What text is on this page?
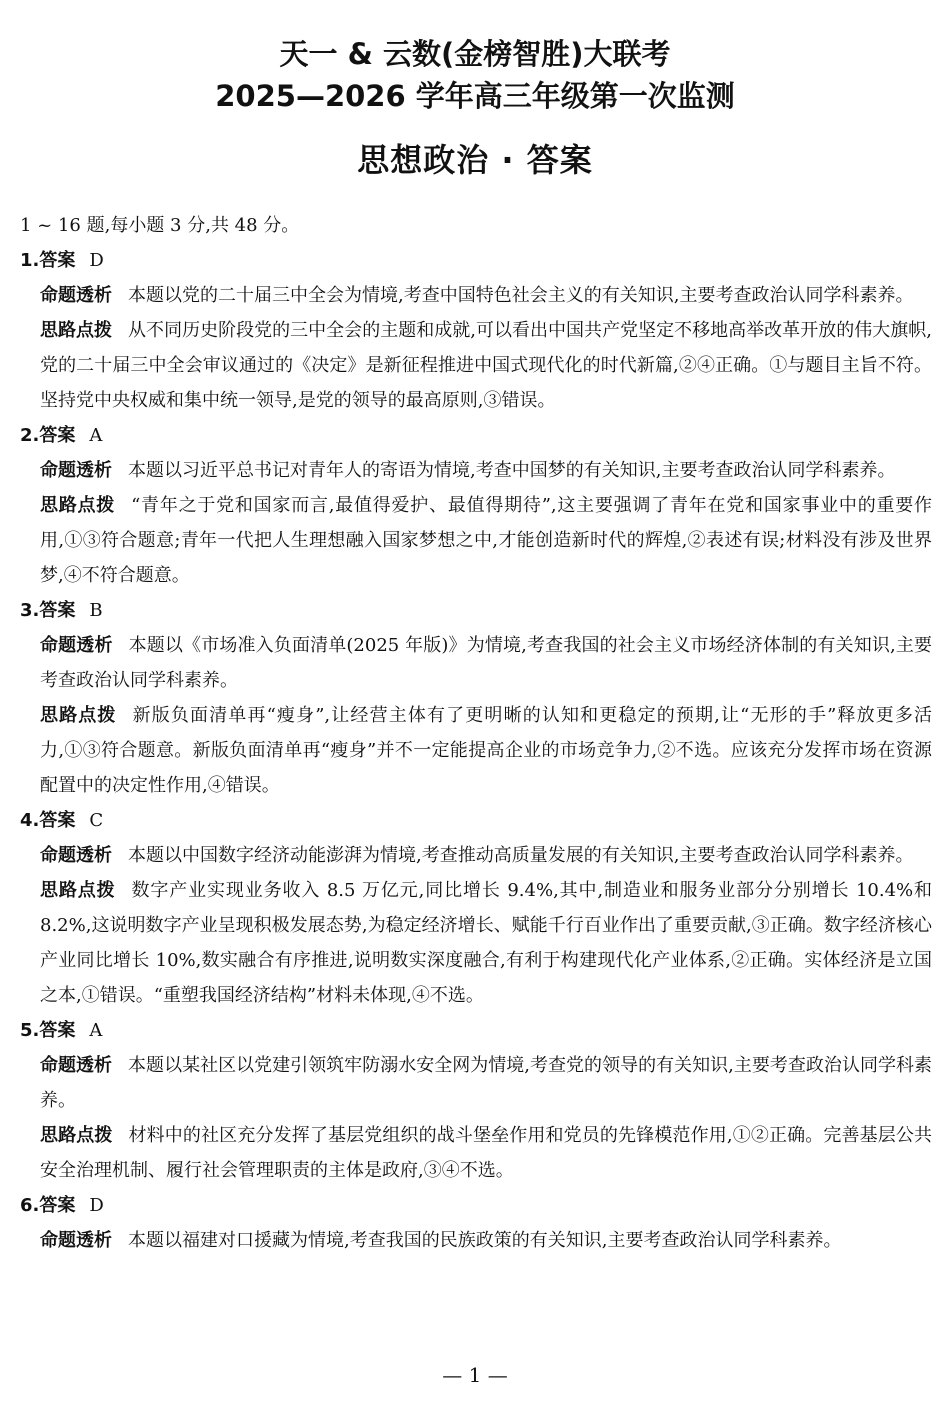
天一 & 云数(金榜智胜)大联考
2025—2026 学年高三年级第一次监测
思想政治 · 答案
1 ~ 16 题,每小题 3 分,共 48 分。
1.答案 D
命题透析 本题以党的二十届三中全会为情境,考查中国特色社会主义的有关知识,主要考查政治认同学科素养。
思路点拨 从不同历史阶段党的三中全会的主题和成就,可以看出中国共产党坚定不移地高举改革开放的伟大旗帜,党的二十届三中全会审议通过的《决定》是新征程推进中国式现代化的时代新篇,②④正确。①与题目主旨不符。坚持党中央权威和集中统一领导,是党的领导的最高原则,③错误。
2.答案 A
命题透析 本题以习近平总书记对青年人的寄语为情境,考查中国梦的有关知识,主要考查政治认同学科素养。
思路点拨 “青年之于党和国家而言,最值得爱护、最值得期待”,这主要强调了青年在党和国家事业中的重要作用,①③符合题意;青年一代把人生理想融入国家梦想之中,才能创造新时代的辉煌,②表述有误;材料没有涉及世界梦,④不符合题意。
3.答案 B
命题透析 本题以《市场准入负面清单(2025 年版)》为情境,考查我国的社会主义市场经济体制的有关知识,主要考查政治认同学科素养。
思路点拨 新版负面清单再“瘦身”,让经营主体有了更明晰的认知和更稳定的预期,让“无形的手”释放更多活力,①③符合题意。新版负面清单再“瘦身”并不一定能提高企业的市场竞争力,②不选。应该充分发挥市场在资源配置中的决定性作用,④错误。
4.答案 C
命题透析 本题以中国数字经济动能澎湃为情境,考查推动高质量发展的有关知识,主要考查政治认同学科素养。
思路点拨 数字产业实现业务收入 8.5 万亿元,同比增长 9.4%,其中,制造业和服务业部分分别增长 10.4%和 8.2%,这说明数字产业呈现积极发展态势,为稳定经济增长、赋能千行百业作出了重要贡献,③正确。数字经济核心产业同比增长 10%,数实融合有序推进,说明数实深度融合,有利于构建现代化产业体系,②正确。实体经济是立国之本,①错误。“重塑我国经济结构”材料未体现,④不选。
5.答案 A
命题透析 本题以某社区以党建引领筑牢防溺水安全网为情境,考查党的领导的有关知识,主要考查政治认同学科素养。
思路点拨 材料中的社区充分发挥了基层党组织的战斗堡垒作用和党员的先锋模范作用,①②正确。完善基层公共安全治理机制、履行社会管理职责的主体是政府,③④不选。
6.答案 D
命题透析 本题以福建对口援藏为情境,考查我国的民族政策的有关知识,主要考查政治认同学科素养。
— 1 —
